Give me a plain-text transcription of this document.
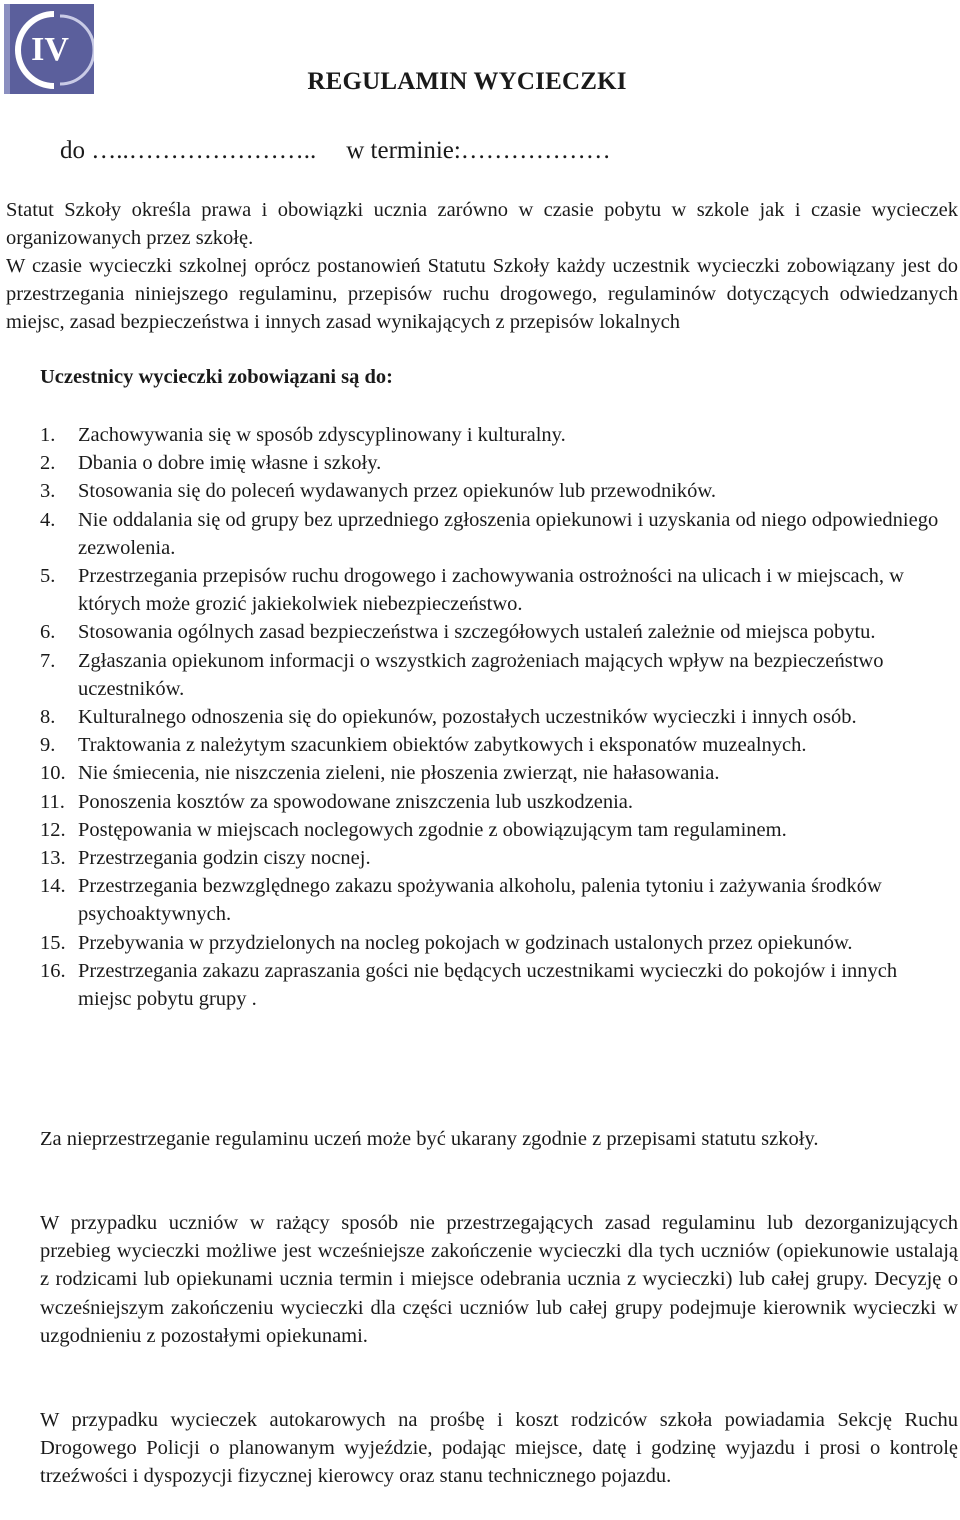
IV
REGULAMIN WYCIECZKI
do …..………………….. w terminie:………………
Statut Szkoły określa prawa i obowiązki ucznia zarówno w czasie pobytu w szkole jak i czasie wycieczek organizowanych przez szkołę.
W czasie wycieczki szkolnej oprócz postanowień Statutu Szkoły każdy uczestnik wycieczki zobowiązany jest do przestrzegania niniejszego regulaminu, przepisów ruchu drogowego, regulaminów dotyczących odwiedzanych miejsc, zasad bezpieczeństwa i innych zasad wynikających z przepisów lokalnych
Uczestnicy wycieczki zobowiązani są do:
1.	Zachowywania się w sposób zdyscyplinowany i kulturalny.
2.	Dbania o dobre imię własne i szkoły.
3.	Stosowania się do poleceń wydawanych przez opiekunów lub przewodników.
4.	Nie oddalania się od grupy bez uprzedniego zgłoszenia opiekunowi i uzyskania od niego odpowiedniego zezwolenia.
5.	Przestrzegania przepisów ruchu drogowego i zachowywania ostrożności na ulicach i w miejscach, w których może grozić jakiekolwiek niebezpieczeństwo.
6.	Stosowania ogólnych zasad bezpieczeństwa i szczegółowych ustaleń zależnie od miejsca pobytu.
7.	Zgłaszania opiekunom informacji o wszystkich zagrożeniach mających wpływ na bezpieczeństwo uczestników.
8.	Kulturalnego odnoszenia się do opiekunów, pozostałych uczestników wycieczki i innych osób.
9.	Traktowania z należytym szacunkiem obiektów zabytkowych i eksponatów muzealnych.
10. Nie śmiecenia, nie niszczenia zieleni, nie płoszenia zwierząt, nie hałasowania.
11. Ponoszenia kosztów za spowodowane zniszczenia lub uszkodzenia.
12. Postępowania w miejscach noclegowych zgodnie z obowiązującym tam regulaminem.
13. Przestrzegania godzin ciszy nocnej.
14. Przestrzegania bezwzględnego zakazu spożywania alkoholu, palenia tytoniu i zażywania środków psychoaktywnych.
15. Przebywania w przydzielonych na nocleg pokojach w godzinach ustalonych przez opiekunów.
16. Przestrzegania zakazu zapraszania gości nie będących uczestnikami wycieczki do pokojów i innych miejsc pobytu grupy .
Za nieprzestrzeganie regulaminu uczeń może być ukarany zgodnie z przepisami statutu szkoły.
W przypadku uczniów w rażący sposób nie przestrzegających zasad regulaminu lub dezorganizujących przebieg wycieczki możliwe jest wcześniejsze zakończenie wycieczki dla tych uczniów (opiekunowie ustalają z rodzicami lub opiekunami ucznia termin i miejsce odebrania ucznia z wycieczki) lub całej grupy. Decyzję o wcześniejszym zakończeniu wycieczki dla części uczniów lub całej grupy podejmuje kierownik wycieczki w uzgodnieniu z pozostałymi opiekunami.
W przypadku wycieczek autokarowych na prośbę i koszt rodziców szkoła powiadamia Sekcję Ruchu Drogowego Policji o planowanym wyjeździe, podając miejsce, datę i godzinę wyjazdu i prosi o kontrolę trzeźwości i dyspozycji fizycznej kierowcy oraz stanu technicznego pojazdu.
